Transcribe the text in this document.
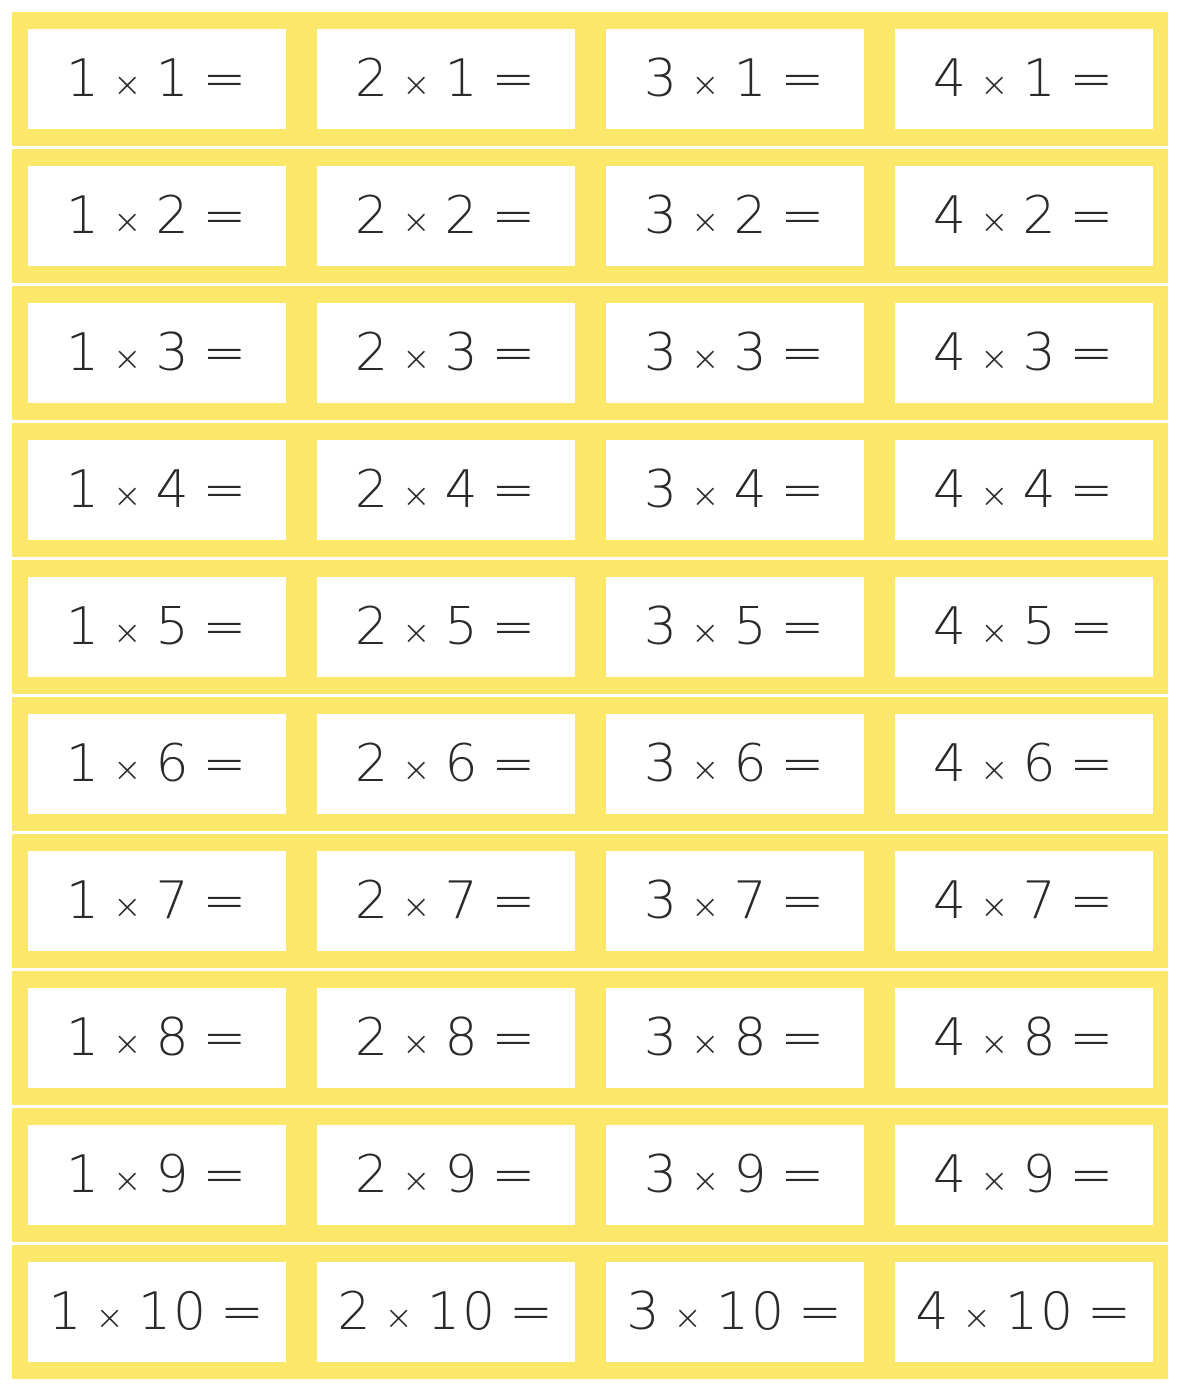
1 × 1 = 2 × 1 = 3 × 1 = 4 × 1 =
1 × 2 = 2 × 2 = 3 × 2 = 4 × 2 =
1 × 3 = 2 × 3 = 3 × 3 = 4 × 3 =
1 × 4 = 2 × 4 = 3 × 4 = 4 × 4 =
1 × 5 = 2 × 5 = 3 × 5 = 4 × 5 =
1 × 6 = 2 × 6 = 3 × 6 = 4 × 6 =
1 × 7 = 2 × 7 = 3 × 7 = 4 × 7 =
1 × 8 = 2 × 8 = 3 × 8 = 4 × 8 =
1 × 9 = 2 × 9 = 3 × 9 = 4 × 9 =
1 × 10 = 2 × 10 = 3 × 10 = 4 × 10 =
